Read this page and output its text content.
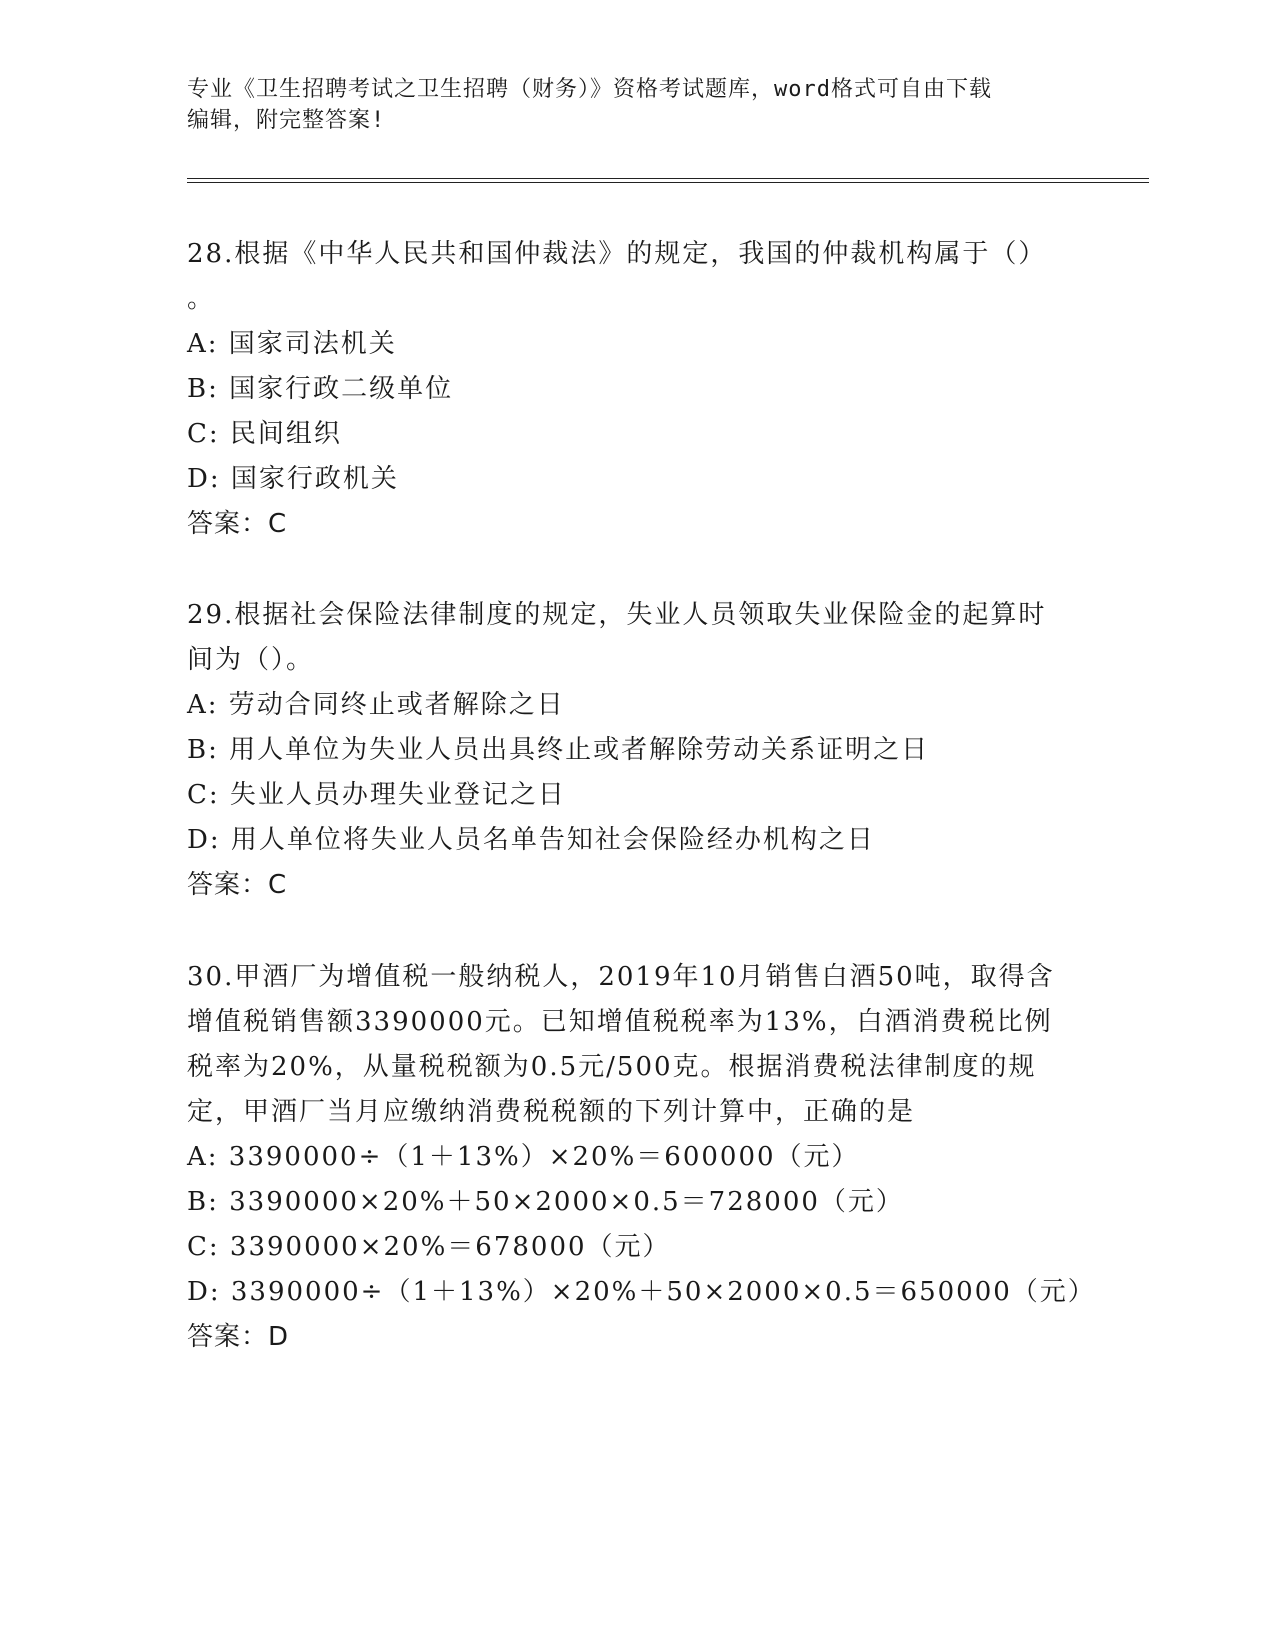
专业《卫生招聘考试之卫生招聘（财务）》资格考试题库，word格式可自由下载
编辑，附完整答案!

28.根据《中华人民共和国仲裁法》的规定，我国的仲裁机构属于（）

。

A: 国家司法机关

B: 国家行政二级单位

C: 民间组织

D: 国家行政机关

答案：C

29.根据社会保险法律制度的规定，失业人员领取失业保险金的起算时

间为（）。

A: 劳动合同终止或者解除之日

B: 用人单位为失业人员出具终止或者解除劳动关系证明之日

C: 失业人员办理失业登记之日

D: 用人单位将失业人员名单告知社会保险经办机构之日

答案：C

30.甲酒厂为增值税一般纳税人，2019年10月销售白酒50吨，取得含

增值税销售额3390000元。已知增值税税率为13%，白酒消费税比例

税率为20%，从量税税额为0.5元/500克。根据消费税法律制度的规

定，甲酒厂当月应缴纳消费税税额的下列计算中，正确的是

A: 3390000÷（1＋13%）×20%＝600000（元）

B: 3390000×20%＋50×2000×0.5＝728000（元）

C: 3390000×20%＝678000（元）

D: 3390000÷（1＋13%）×20%＋50×2000×0.5＝650000（元）

答案：D
